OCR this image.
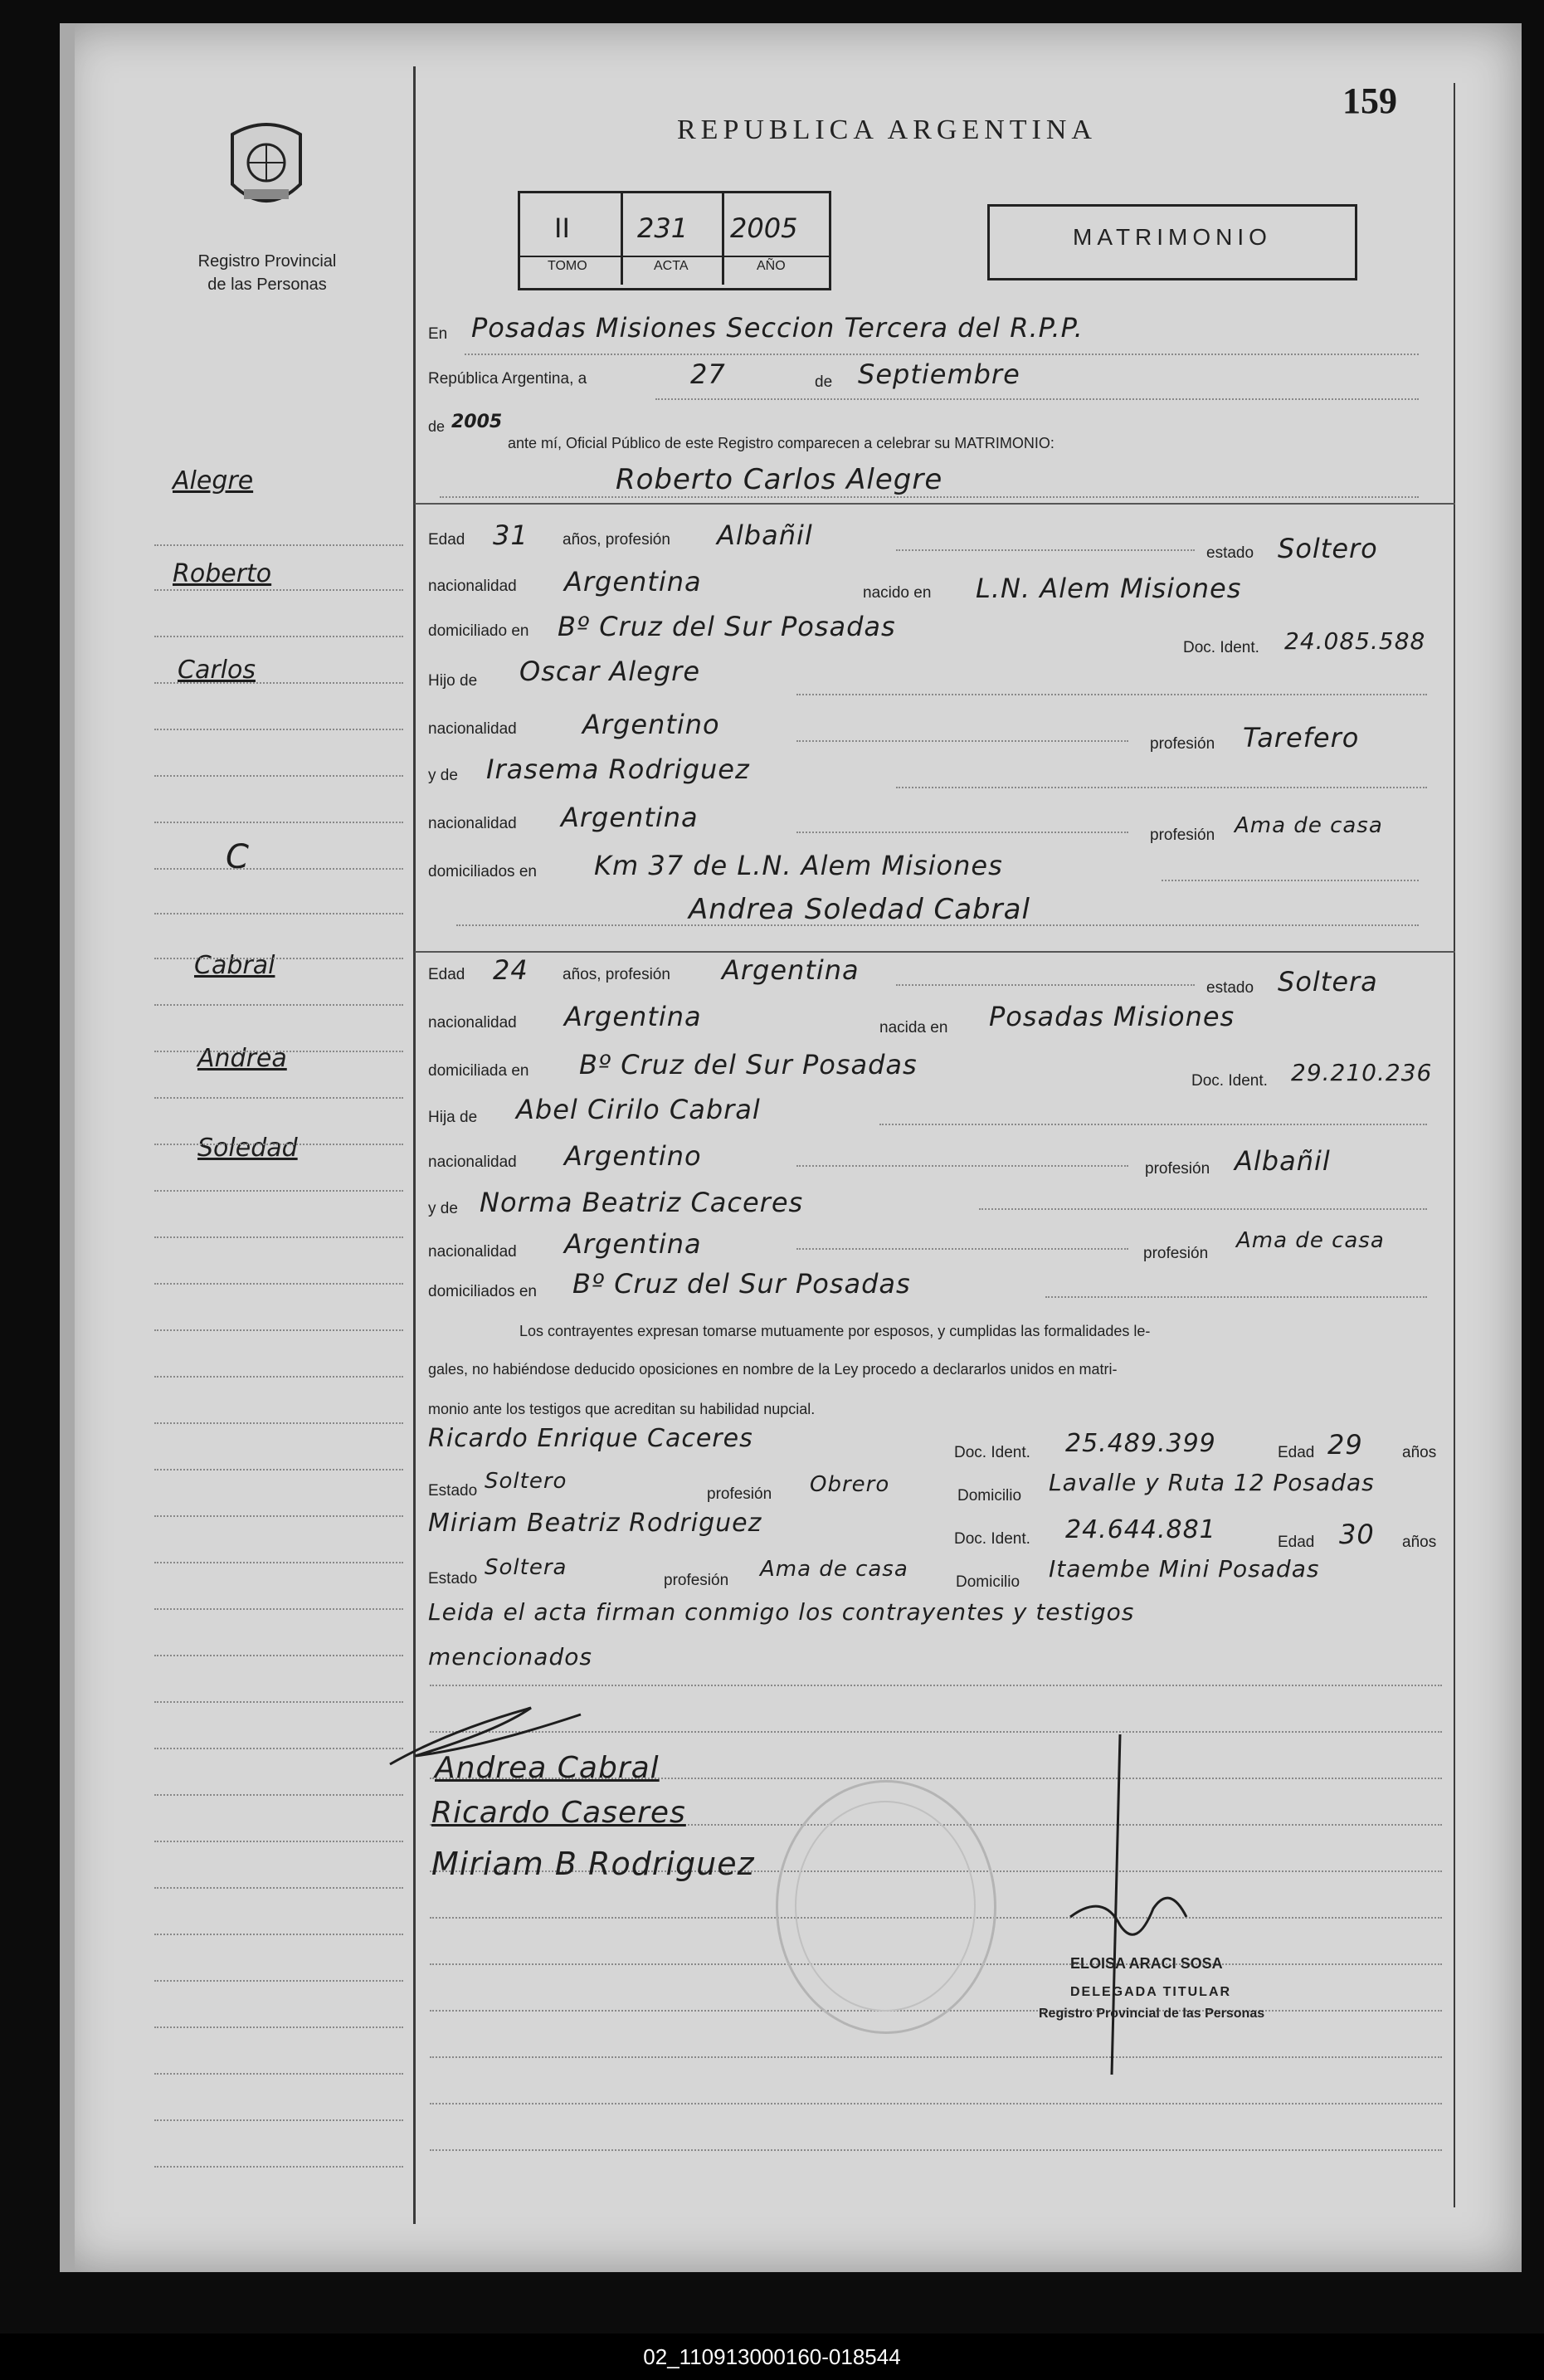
Registro Provincial
de las Personas
REPUBLICA ARGENTINA
159
II	231 2005
TOMO	ACTA	AÑO
MATRIMONIO
Alegre
Roberto
Carlos
C
Cabral
Andrea
Soledad
En Posadas Misiones Seccion Tercera del R.P.P.
República Argentina, a	27	de Septiembre
de 2005
ante mí, Oficial Público de este Registro comparecen a celebrar su MATRIMONIO:
Roberto Carlos Alegre
Edad 31 años, profesión Albañil
estado Soltero
nacionalidad Argentina	nacido en L.N. Alem Misiones
domiciliado en Bº Cruz del Sur Posadas
Doc. Ident. 24.085.588
Hijo de Oscar Alegre
nacionalidad Argentino
profesión Tarefero
y de Irasema Rodriguez
nacionalidad Argentina
profesión Ama de casa
domiciliados en Km 37 de L.N. Alem Misiones
Andrea Soledad Cabral
Edad 24 años, profesión Argentina
estado Soltera
nacionalidad Argentina	nacida en Posadas Misiones
domiciliada en Bº Cruz del Sur Posadas
Doc. Ident. 29.210.236
Hija de Abel Cirilo Cabral
nacionalidad Argentino	profesión Albañil
y de Norma Beatriz Caceres
nacionalidad Argentina	profesión
Ama de casa
domiciliados en Bº Cruz del Sur Posadas
Los contrayentes expresan tomarse mutuamente por esposos, y cumplidas las formalidades le-
gales, no habiéndose deducido oposiciones en nombre de la Ley procedo a declararlos unidos en matri-
monio ante los testigos que acreditan su habilidad nupcial.
Ricardo Enrique Caceres	Doc. Ident. 25.489.399	Edad 29 años
Estado Soltero
profesión Obrero	Domicilio Lavalle y Ruta 12 Posadas
Miriam Beatriz Rodriguez
Doc. Ident. 24.644.881	Edad 30 años
Estado Soltera
profesión Ama de casa
Domicilio Itaembe Mini Posadas
Leida el acta firman conmigo los contrayentes y testigos
mencionados
Andrea Cabral
Ricardo Caseres
Miriam B Rodriguez
ELOISA ARACI SOSA
DELEGADA TITULAR
Registro Provincial de las Personas
02_110913000160-018544
